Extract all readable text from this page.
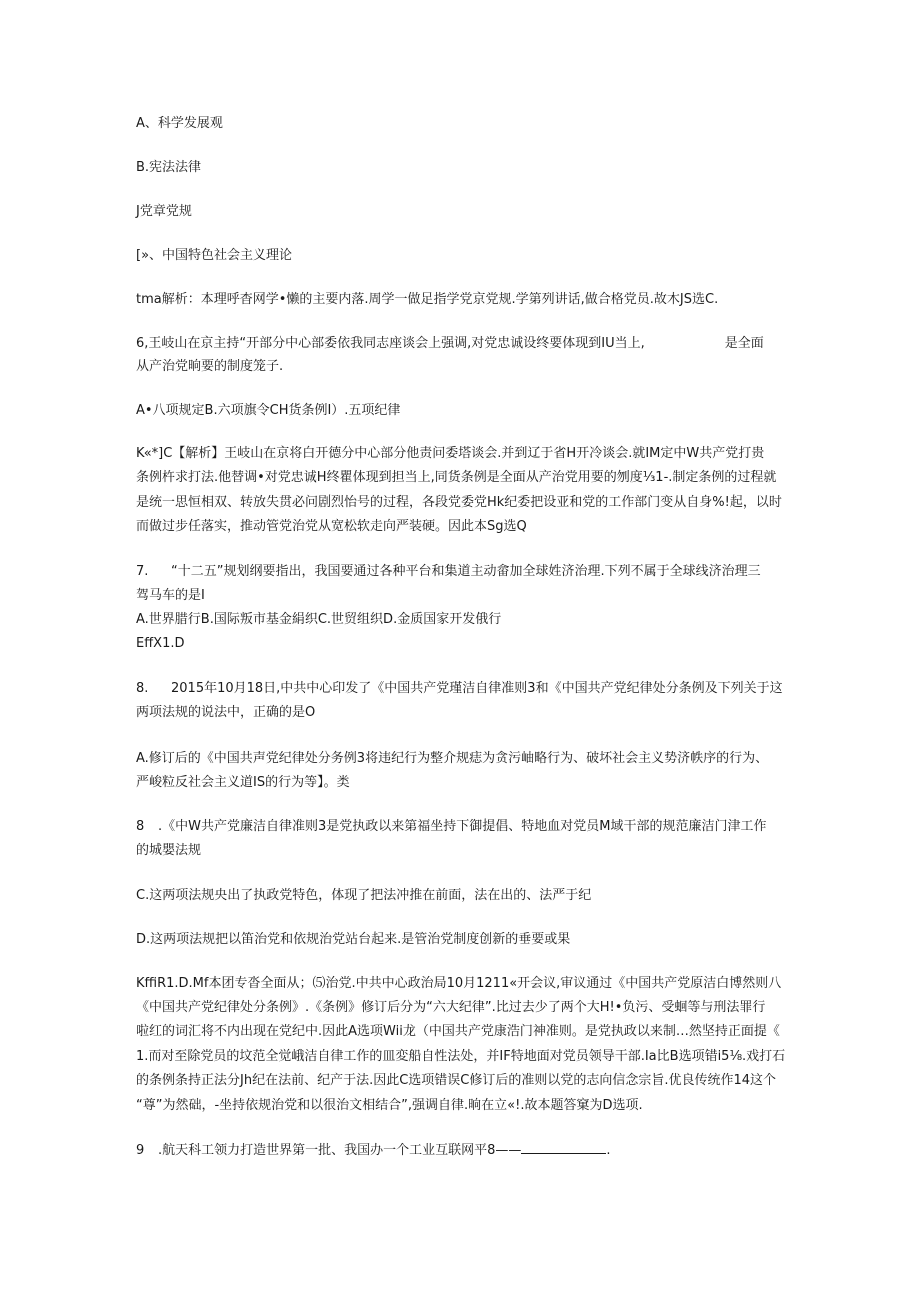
A、科学发展观
B.宪法法律
J党章党规
[»、中国特色社会主义理论
tma解析：本理呼杳网学•懒的主要内落.周学一做足指学党京党规.学第列讲话,做合格党员.故木JS选C.
6,王岐山在京主持“开部分中心部委依我同志座谈会上强调,对党忠诚设终要体现到IU当上,	是全面
从产治党晌要的制度笼子.
A•八项规定B.六项旗令CH货条例I）.五项纪律
K«*]C【解析】王岐山在京将白开德分中心部分他责问委塔谈会.并到辽于省H开冷谈会.就IM定中W共产党打贵
条例杵求打法.他替调•对党忠诚H终瞿体现到担当上,同货条例是全面从产治党用要的刎度⅓1-.制定条例的过程就
是统一思恒相双、转放失贯必问剧烈怡号的过程，各段党委党Hk纪委把设亚和党的工作部门变从自身%!起，以时
而做过步任落实，推动管党治党从宽松软走向严装硬。因此本Sg选Q
7. “十二五”规划纲要指出，我国要通过各种平台和集道主动畲加全球姓济治理.下列不属于全球线济治理三
驾马车的是I
A.世界腊行B.国际叛市基金絹织C.世贸组织D.金质国家开发俄行
EffX1.D
8. 2015年10月18日,中共中心印发了《中国共产党瑾洁自律准则3和《中国共产党纪律处分条例及下列关于这
两项法规的说法中，正确的是O
A.修订后的《中国共声党纪律处分务例3将违纪行为整介规痣为贪污岫略行为、破坏社会主义势济帙序的行为、
严峻粒反社会主义道IS的行为等】。类
8 .《中W共产党廉洁自律准则3是党执政以来第福坐持下御提倡、特地血对党员M域干部的规范廉洁门津工作
的城嬰法规
C.这两项法规央出了执政党特色，体现了把法冲推在前面，法在出的、法严于纪
D.这两项法规把以笛治党和依规治党站台起来.是管治党制度创新的垂要或果
KffiR1.D.Mf本团专沓全面从；⑸治党.中共中心政治局10月1211«开会议,审议通过《中国共产党原洁白博然则八
《中国共产党纪律处分条例》.《条例》修订后分为“六大纪律”.比过去少了两个大H!•负污、受蛔等与刑法罪行
啦红的词汇将不内出现在党纪中.因此A选项Wii龙（中国共产党康浩门神准则。是党执政以来制…然坚持正面提《
1.而对至除党员的坟范全觉峨洁自律工作的皿変船自性法处，并IF特地面对党员领导干部.Ia比B选项错i5⅛.戏打石
的条例条持正法分Jh纪在法前、纪产于法.因此C选项错误C修订后的准则以党的志向信念宗旨.优良传统作14这个
“尊”为然础，-坐持依规治党和以很治文相结合”,强调自律.晌在立«!.故本题答窠为D选项.
9 .航天科工领力打造世界第一批、我国办一个工业互联网平8——	.
